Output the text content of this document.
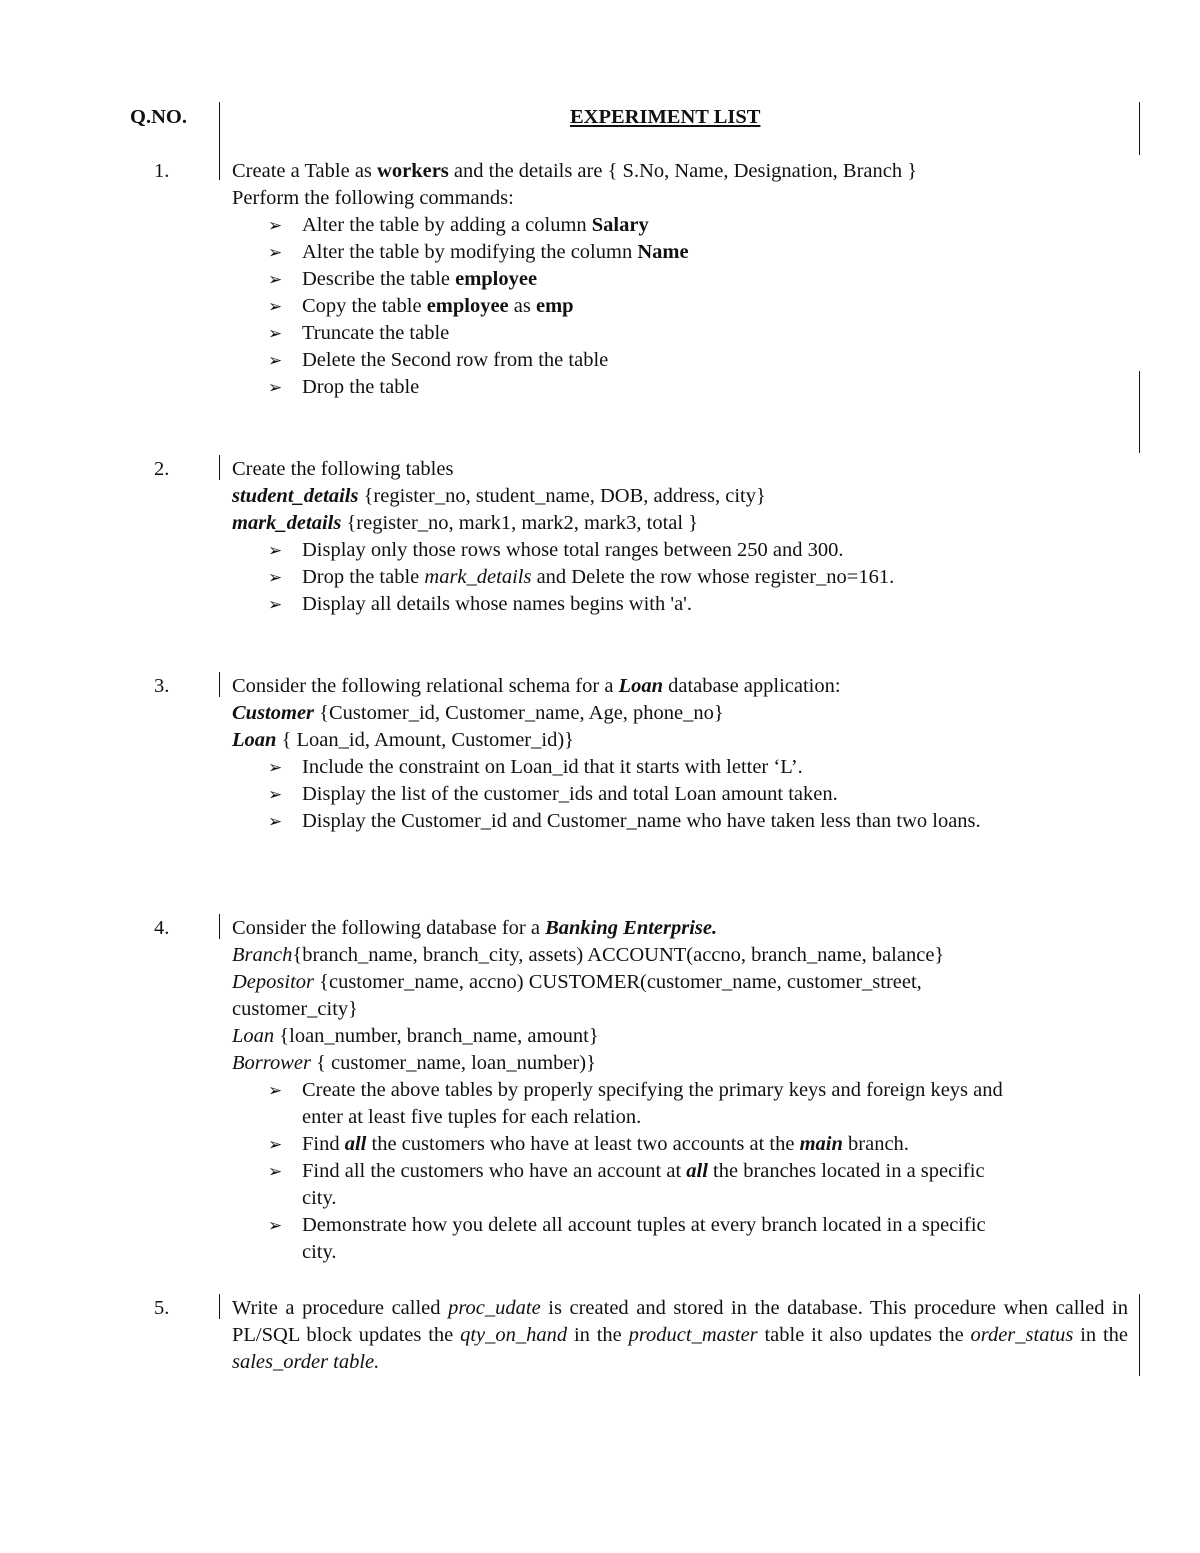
Q.NO.	EXPERIMENT LIST
1.	Create a Table as workers and the details are { S.No, Name, Designation, Branch }
Perform the following commands:
➢ Alter the table by adding a column Salary
➢ Alter the table by modifying the column Name
➢ Describe the table employee
➢ Copy the table employee as emp
➢ Truncate the table
➢ Delete the Second row from the table
➢ Drop the table
2.	Create the following tables
student_details {register_no, student_name, DOB, address, city}
mark_details {register_no, mark1, mark2, mark3, total }
➢ Display only those rows whose total ranges between 250 and 300.
➢ Drop the table mark_details and Delete the row whose register_no=161.
➢ Display all details whose names begins with 'a'.
3.	Consider the following relational schema for a Loan database application:
Customer {Customer_id, Customer_name, Age, phone_no}
Loan { Loan_id, Amount, Customer_id)}
➢ Include the constraint on Loan_id that it starts with letter ‘L’.
➢ Display the list of the customer_ids and total Loan amount taken.
➢ Display the Customer_id and Customer_name who have taken less than two loans.
4.	Consider the following database for a Banking Enterprise.
Branch{branch_name, branch_city, assets) ACCOUNT(accno, branch_name, balance}
Depositor {customer_name, accno) CUSTOMER(customer_name, customer_street,
customer_city}
Loan {loan_number, branch_name, amount}
Borrower { customer_name, loan_number)}
➢ Create the above tables by properly specifying the primary keys and foreign keys and
enter at least five tuples for each relation.
➢ Find all the customers who have at least two accounts at the main branch.
➢ Find all the customers who have an account at all the branches located in a specific
city.
➢ Demonstrate how you delete all account tuples at every branch located in a specific
city.
5.	Write a procedure called proc_udate is created and stored in the database. This procedure when called in PL/SQL block updates the qty_on_hand in the product_master table it also updates the order_status in the sales_order table.
